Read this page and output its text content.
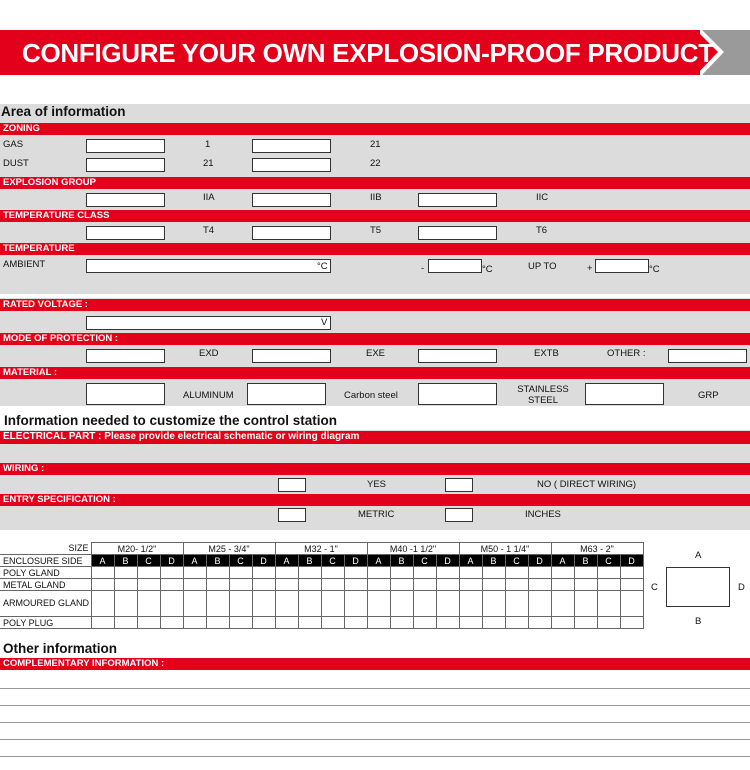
CONFIGURE YOUR OWN EXPLOSION-PROOF PRODUCT
Area of information
ZONING
GAS	1	21
DUST	21	22
EXPLOSION GROUP
IIA	IIB	IIC
TEMPERATURE CLASS
T4	T5	T6
TEMPERATURE
AMBIENT	°C	-	°C	UP TO	+	°C
RATED VOLTAGE :
V
MODE OF PROTECTION :
EXD	EXE	EXTB	OTHER :
MATERIAL :
ALUMINUM	Carbon steel
STAINLESS
STEEL	GRP
Information needed to customize the control station
ELECTRICAL PART : Please provide electrical schematic or wiring diagram
WIRING :
YES	NO ( DIRECT WIRING)
ENTRY SPECIFICATION :
METRIC	INCHES
SIZE	M20- 1/2"				M25 - 3/4"				M32 - 1"				M40 -1 1/2"				M50 - 1 1/4"				M63 - 2"			
ENCLOSURE SIDE	A	B	C	D	A	B	C	D	A	B	C	D	A	B	C	D	A	B	C	D	A	B	C	D
POLY GLAND																								
METAL GLAND																								
ARMOURED GLAND																								
POLY PLUG																								
A
C	D
B
Other information
COMPLEMENTARY INFORMATION :
